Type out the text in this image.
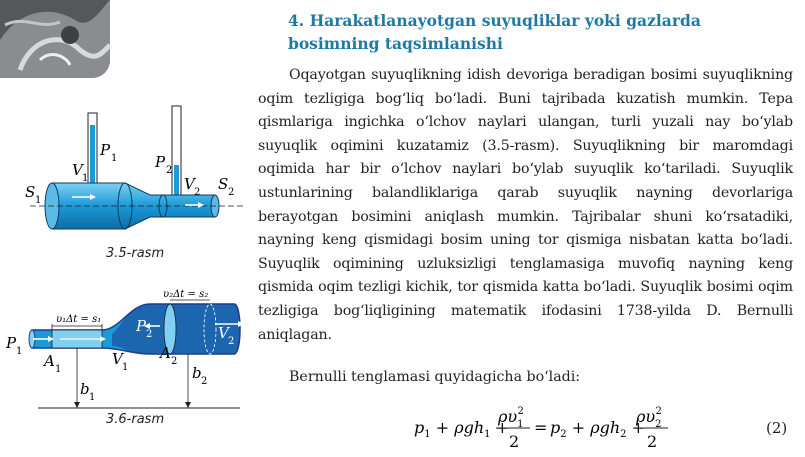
P 1
V 1
S 1
P 2
V 2 S 2
3.5-rasm
υ₁Δt = s₁
υ₂Δt = s₂
P 1
A 1
V 1
P 2
A 2
V 2
b 1
b 2
3.6-rasm
4. Harakatlanayotgan suyuqliklar yoki gazlarda bosimning taqsimlanishi

Oqayotgan suyuqlikning idish devoriga beradigan bosimi suyuqlikning oqim tezligiga bog‘liq bo‘ladi. Buni tajribada kuzatish mumkin. Tepa qismlariga ingichka o‘lchov naylari ulangan, turli yuzali nay bo‘ylab suyuqlik oqimini kuzatamiz (3.5-rasm). Suyuqlikning bir maromdagi oqimida har bir o‘lchov naylari bo‘ylab suyuqlik ko‘tariladi. Suyuqlik ustunlarining balandliklariga qarab suyuqlik nayning devorlariga berayotgan bosimini aniqlash mumkin. Tajribalar shuni ko‘rsatadiki, nayning keng qismidagi bosim uning tor qismiga nisbatan katta bo‘ladi. Suyuqlik oqimining uzluksizligi tenglamasiga muvofiq nayning keng qismida oqim tezligi kichik, tor qismida katta bo‘ladi. Suyuqlik bosimi oqim tezligiga bog‘liqligining matematik ifodasini 1738-yilda D. Bernulli aniqlagan.

Bernulli tenglamasi quyidagicha bo‘ladi:

$p_1 + \rho gh_1$ +
$\rho\upsilon_12$
2
= $p_2 + \rho gh_2$ +
$\rho\upsilon_22$
2
(2)
